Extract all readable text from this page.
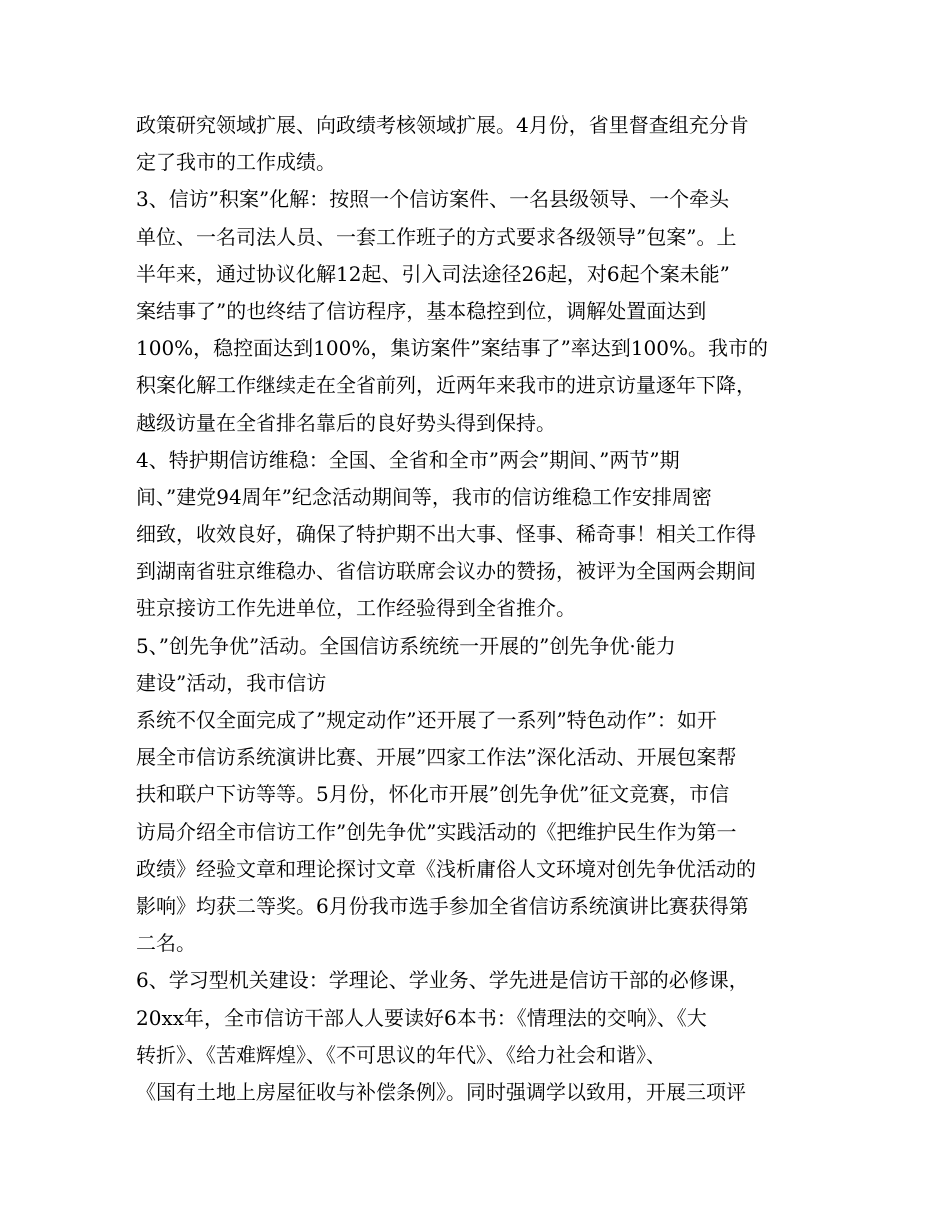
政策研究领域扩展、向政绩考核领域扩展。4月份，省里督查组充分肯
定了我市的工作成绩。
3、信访”积案”化解：按照一个信访案件、一名县级领导、一个牵头
单位、一名司法人员、一套工作班子的方式要求各级领导”包案”。上
半年来，通过协议化解12起、引入司法途径26起，对6起个案未能”
案结事了”的也终结了信访程序，基本稳控到位，调解处置面达到
100%，稳控面达到100%，集访案件”案结事了”率达到100%。我市的
积案化解工作继续走在全省前列，近两年来我市的进京访量逐年下降，
越级访量在全省排名靠后的良好势头得到保持。
4、特护期信访维稳：全国、全省和全市”两会”期间、”两节”期
间、”建党94周年”纪念活动期间等，我市的信访维稳工作安排周密
细致，收效良好，确保了特护期不出大事、怪事、稀奇事！相关工作得
到湖南省驻京维稳办、省信访联席会议办的赞扬，被评为全国两会期间
驻京接访工作先进单位，工作经验得到全省推介。
5、”创先争优”活动。全国信访系统统一开展的”创先争优·能力
建设”活动，我市信访
系统不仅全面完成了”规定动作”还开展了一系列”特色动作”：如开
展全市信访系统演讲比赛、开展”四家工作法”深化活动、开展包案帮
扶和联户下访等等。5月份，怀化市开展”创先争优”征文竞赛，市信
访局介绍全市信访工作”创先争优”实践活动的《把维护民生作为第一
政绩》经验文章和理论探讨文章《浅析庸俗人文环境对创先争优活动的
影响》均获二等奖。6月份我市选手参加全省信访系统演讲比赛获得第
二名。
6、学习型机关建设：学理论、学业务、学先进是信访干部的必修课，
20xx年，全市信访干部人人要读好6本书：《情理法的交响》、《大
转折》、《苦难辉煌》、《不可思议的年代》、《给力社会和谐》、
《国有土地上房屋征收与补偿条例》。同时强调学以致用，开展三项评
